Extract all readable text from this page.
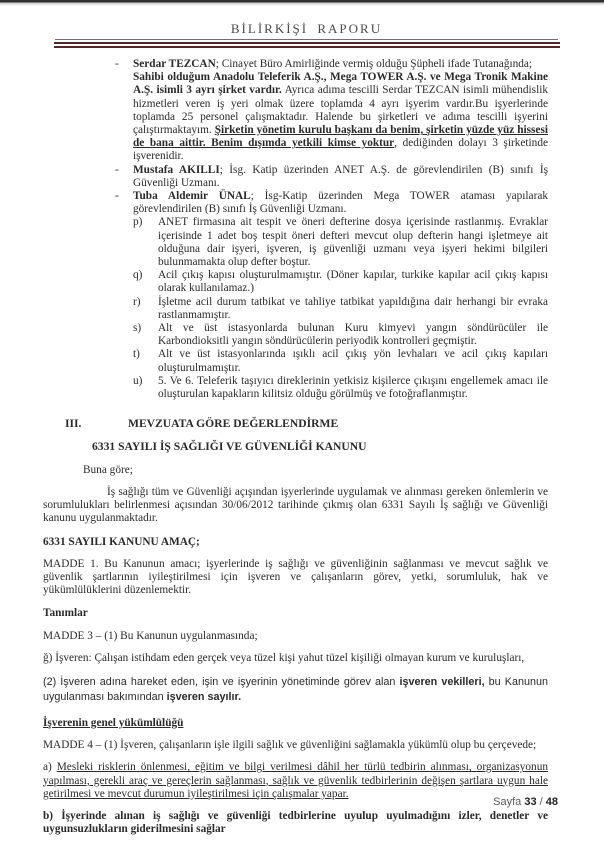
BİLİRKİŞİ RAPORU
-	Serdar TEZCAN; Cinayet Büro Amirliğinde vermiş olduğu Şüpheli ifade Tutanağında;
Sahibi olduğum Anadolu Teleferik A.Ş., Mega TOWER A.Ş. ve Mega Tronik Makine A.Ş. isimli 3 ayrı şirket vardır. Ayrıca adıma tescilli Serdar TEZCAN isimli mühendislik hizmetleri veren iş yeri olmak üzere toplamda 4 ayrı işyerim vardır.Bu işyerlerinde toplamda 25 personel çalışmaktadır. Halende bu şirketleri ve adıma tescilli işyerini çalıştırmaktayım. Şirketin yönetim kurulu başkanı da benim, şirketin yüzde yüz hissesi de bana aittir. Benim dışımda yetkili kimse yoktur, dediğinden dolayı 3 şirketinde işverenidir.
-	Mustafa AKILLI; İsg. Katip üzerinden ANET A.Ş. de görevlendirilen (B) sınıfı İş Güvenliği Uzmanı.
-	Tuba Aldemir ÜNAL; İsg-Katip üzerinden Mega TOWER ataması yapılarak görevlendirilen (B) sınıfı İş Güvenliği Uzmanı.
p)	ANET firmasına ait tespit ve öneri defterine dosya içerisinde rastlanmış. Evraklar içerisinde 1 adet boş tespit öneri defteri mevcut olup defterin hangi işletmeye ait olduğuna dair işyeri, işveren, iş güvenliği uzmanı veya işyeri hekimi bilgileri bulunmamakta olup defter boştur.
q)	Acil çıkış kapısı oluşturulmamıştır. (Döner kapılar, turkike kapılar acil çıkış kapısı olarak kullanılamaz.)
r)	İşletme acil durum tatbikat ve tahliye tatbikat yapıldığına dair herhangi bir evraka rastlanmamıştır.
s)	Alt ve üst istasyonlarda bulunan Kuru kimyevi yangın söndürücüler ile Karbondioksitli yangın söndürücülerin periyodik kontrolleri geçmiştir.
t)	Alt ve üst istasyonlarında ışıklı acil çıkış yön levhaları ve acil çıkış kapıları oluşturulmamıştır.
u)	5. Ve 6. Teleferik taşıyıcı direklerinin yetkisiz kişilerce çıkışını engellemek amacı ile oluşturulan kapakların kilitsiz olduğu görülmüş ve fotoğraflanmıştır.
III.	MEVZUATA GÖRE DEĞERLENDİRME
6331 SAYILI İŞ SAĞLIĞI VE GÜVENLİĞİ KANUNU
Buna göre;
İş sağlığı tüm ve Güvenliği açışından işyerlerinde uygulamak ve alınması gereken önlemlerin ve sorumlulukları belirlenmesi açısından 30/06/2012 tarihinde çıkmış olan 6331 Sayılı İş sağlığı ve Güvenliği kanunu uygulanmaktadır.
6331 SAYILI KANUNU AMAÇ;
MADDE 1. Bu Kanunun amacı; işyerlerinde iş sağlığı ve güvenliğinin sağlanması ve mevcut sağlık ve güvenlik şartlarının iyileştirilmesi için işveren ve çalışanların görev, yetki, sorumluluk, hak ve yükümlülüklerini düzenlemektir.
Tanımlar
MADDE 3 – (1) Bu Kanunun uygulanmasında;
ğ) İşveren: Çalışan istihdam eden gerçek veya tüzel kişi yahut tüzel kişiliği olmayan kurum ve kuruluşları,
(2) İşveren adına hareket eden, işin ve işyerinin yönetiminde görev alan işveren vekilleri, bu Kanunun uygulanması bakımından işveren sayılır.
İşverenin genel yükümlülüğü
MADDE 4 – (1) İşveren, çalışanların işle ilgili sağlık ve güvenliğini sağlamakla yükümlü olup bu çerçevede;
a) Mesleki risklerin önlenmesi, eğitim ve bilgi verilmesi dâhil her türlü tedbirin alınması, organizasyonun yapılması, gerekli araç ve gereçlerin sağlanması, sağlık ve güvenlik tedbirlerinin değişen şartlara uygun hale getirilmesi ve mevcut durumun iyileştirilmesi için çalışmalar yapar.
b) İşyerinde alınan iş sağlığı ve güvenliği tedbirlerine uyulup uyulmadığını izler, denetler ve uygunsuzlukların giderilmesini sağlar
Sayfa 33 / 48
